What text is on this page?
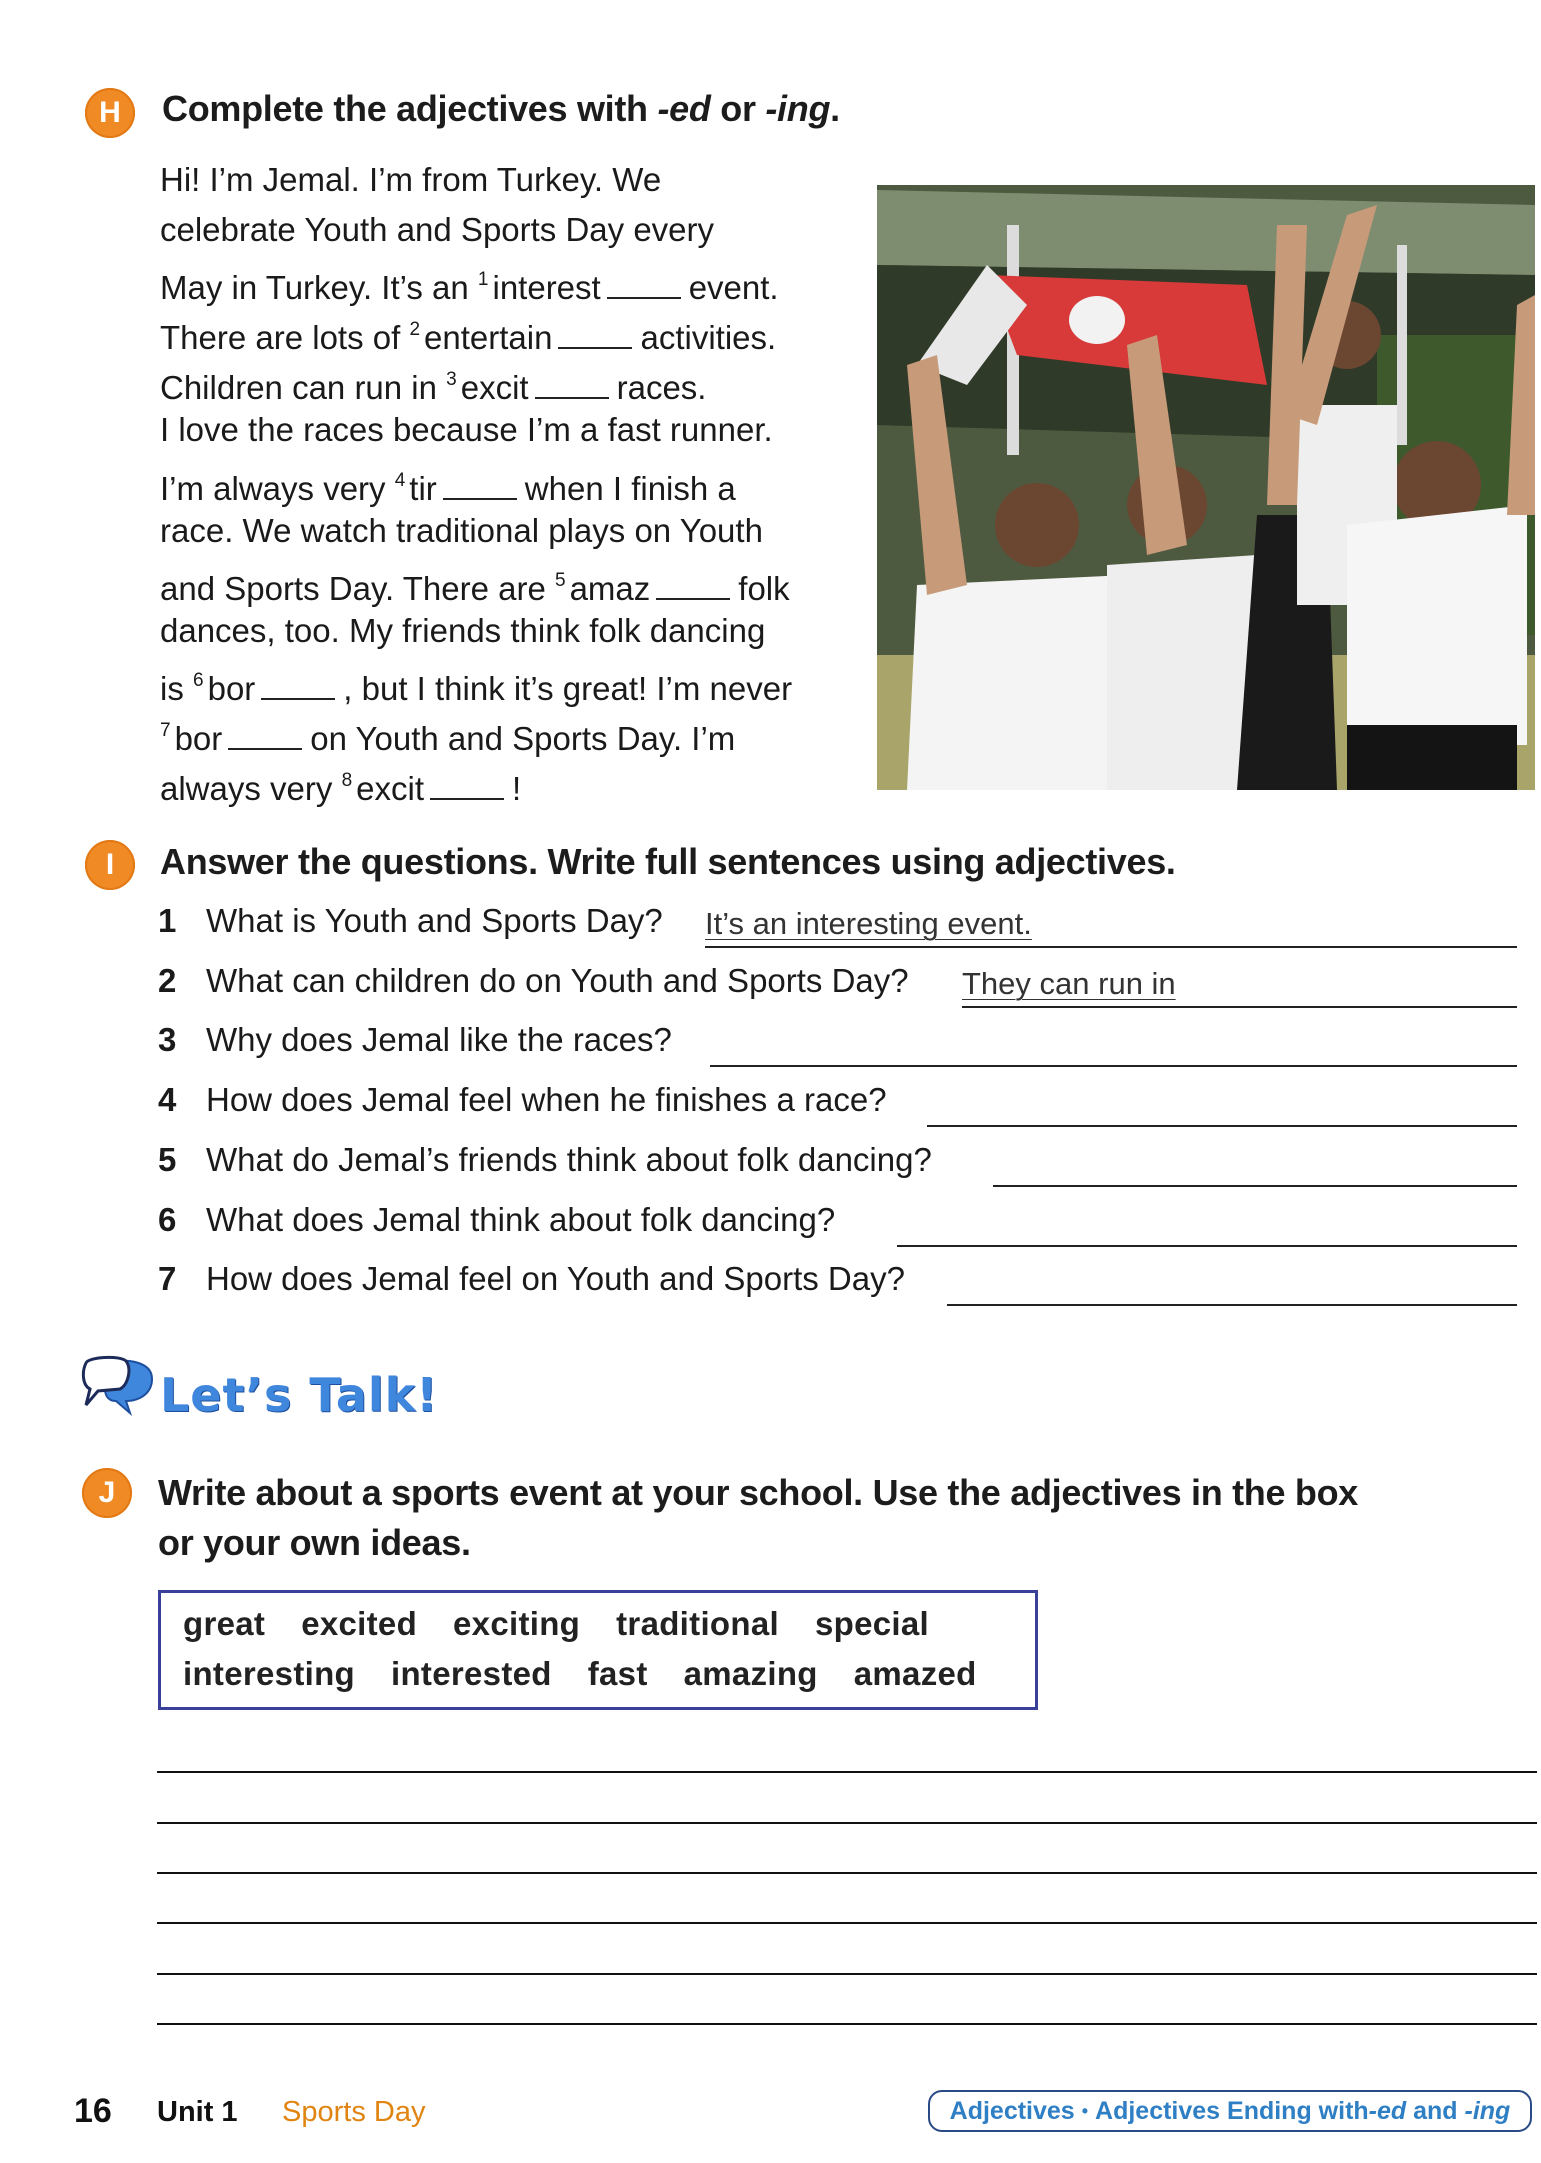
H	Complete the adjectives with -ed or -ing.
Hi! I’m Jemal. I’m from Turkey. We
celebrate Youth and Sports Day every
May in Turkey. It’s an $^1$ interest	event.
There are lots of $^2$ entertain	activities.
Children can run in $^3$ excit	races.
I love the races because I’m a fast runner.
I’m always very $^4$ tir	when I finish a
race. We watch traditional plays on Youth
and Sports Day. There are $^5$ amaz	folk
dances, too. My friends think folk dancing
is $^6$ bor	, but I think it’s great! I’m never
$^7$ bor	on Youth and Sports Day. I’m
always very $^8$ excit	!
I	Answer the questions. Write full sentences using adjectives.
1 What is Youth and Sports Day? It’s an interesting event.
2 What can children do on Youth and Sports Day? They can run in
3 Why does Jemal like the races?
4 How does Jemal feel when he finishes a race?
5 What do Jemal’s friends think about folk dancing?
6 What does Jemal think about folk dancing?
7 How does Jemal feel on Youth and Sports Day?
Let’s Talk!
J	Write about a sports event at your school. Use the adjectives in the box
or your own ideas.
great excited exciting traditional special
interesting interested fast amazing amazed
16 Unit 1 Sports Day	Adjectives • Adjectives Ending with -ed and -ing
